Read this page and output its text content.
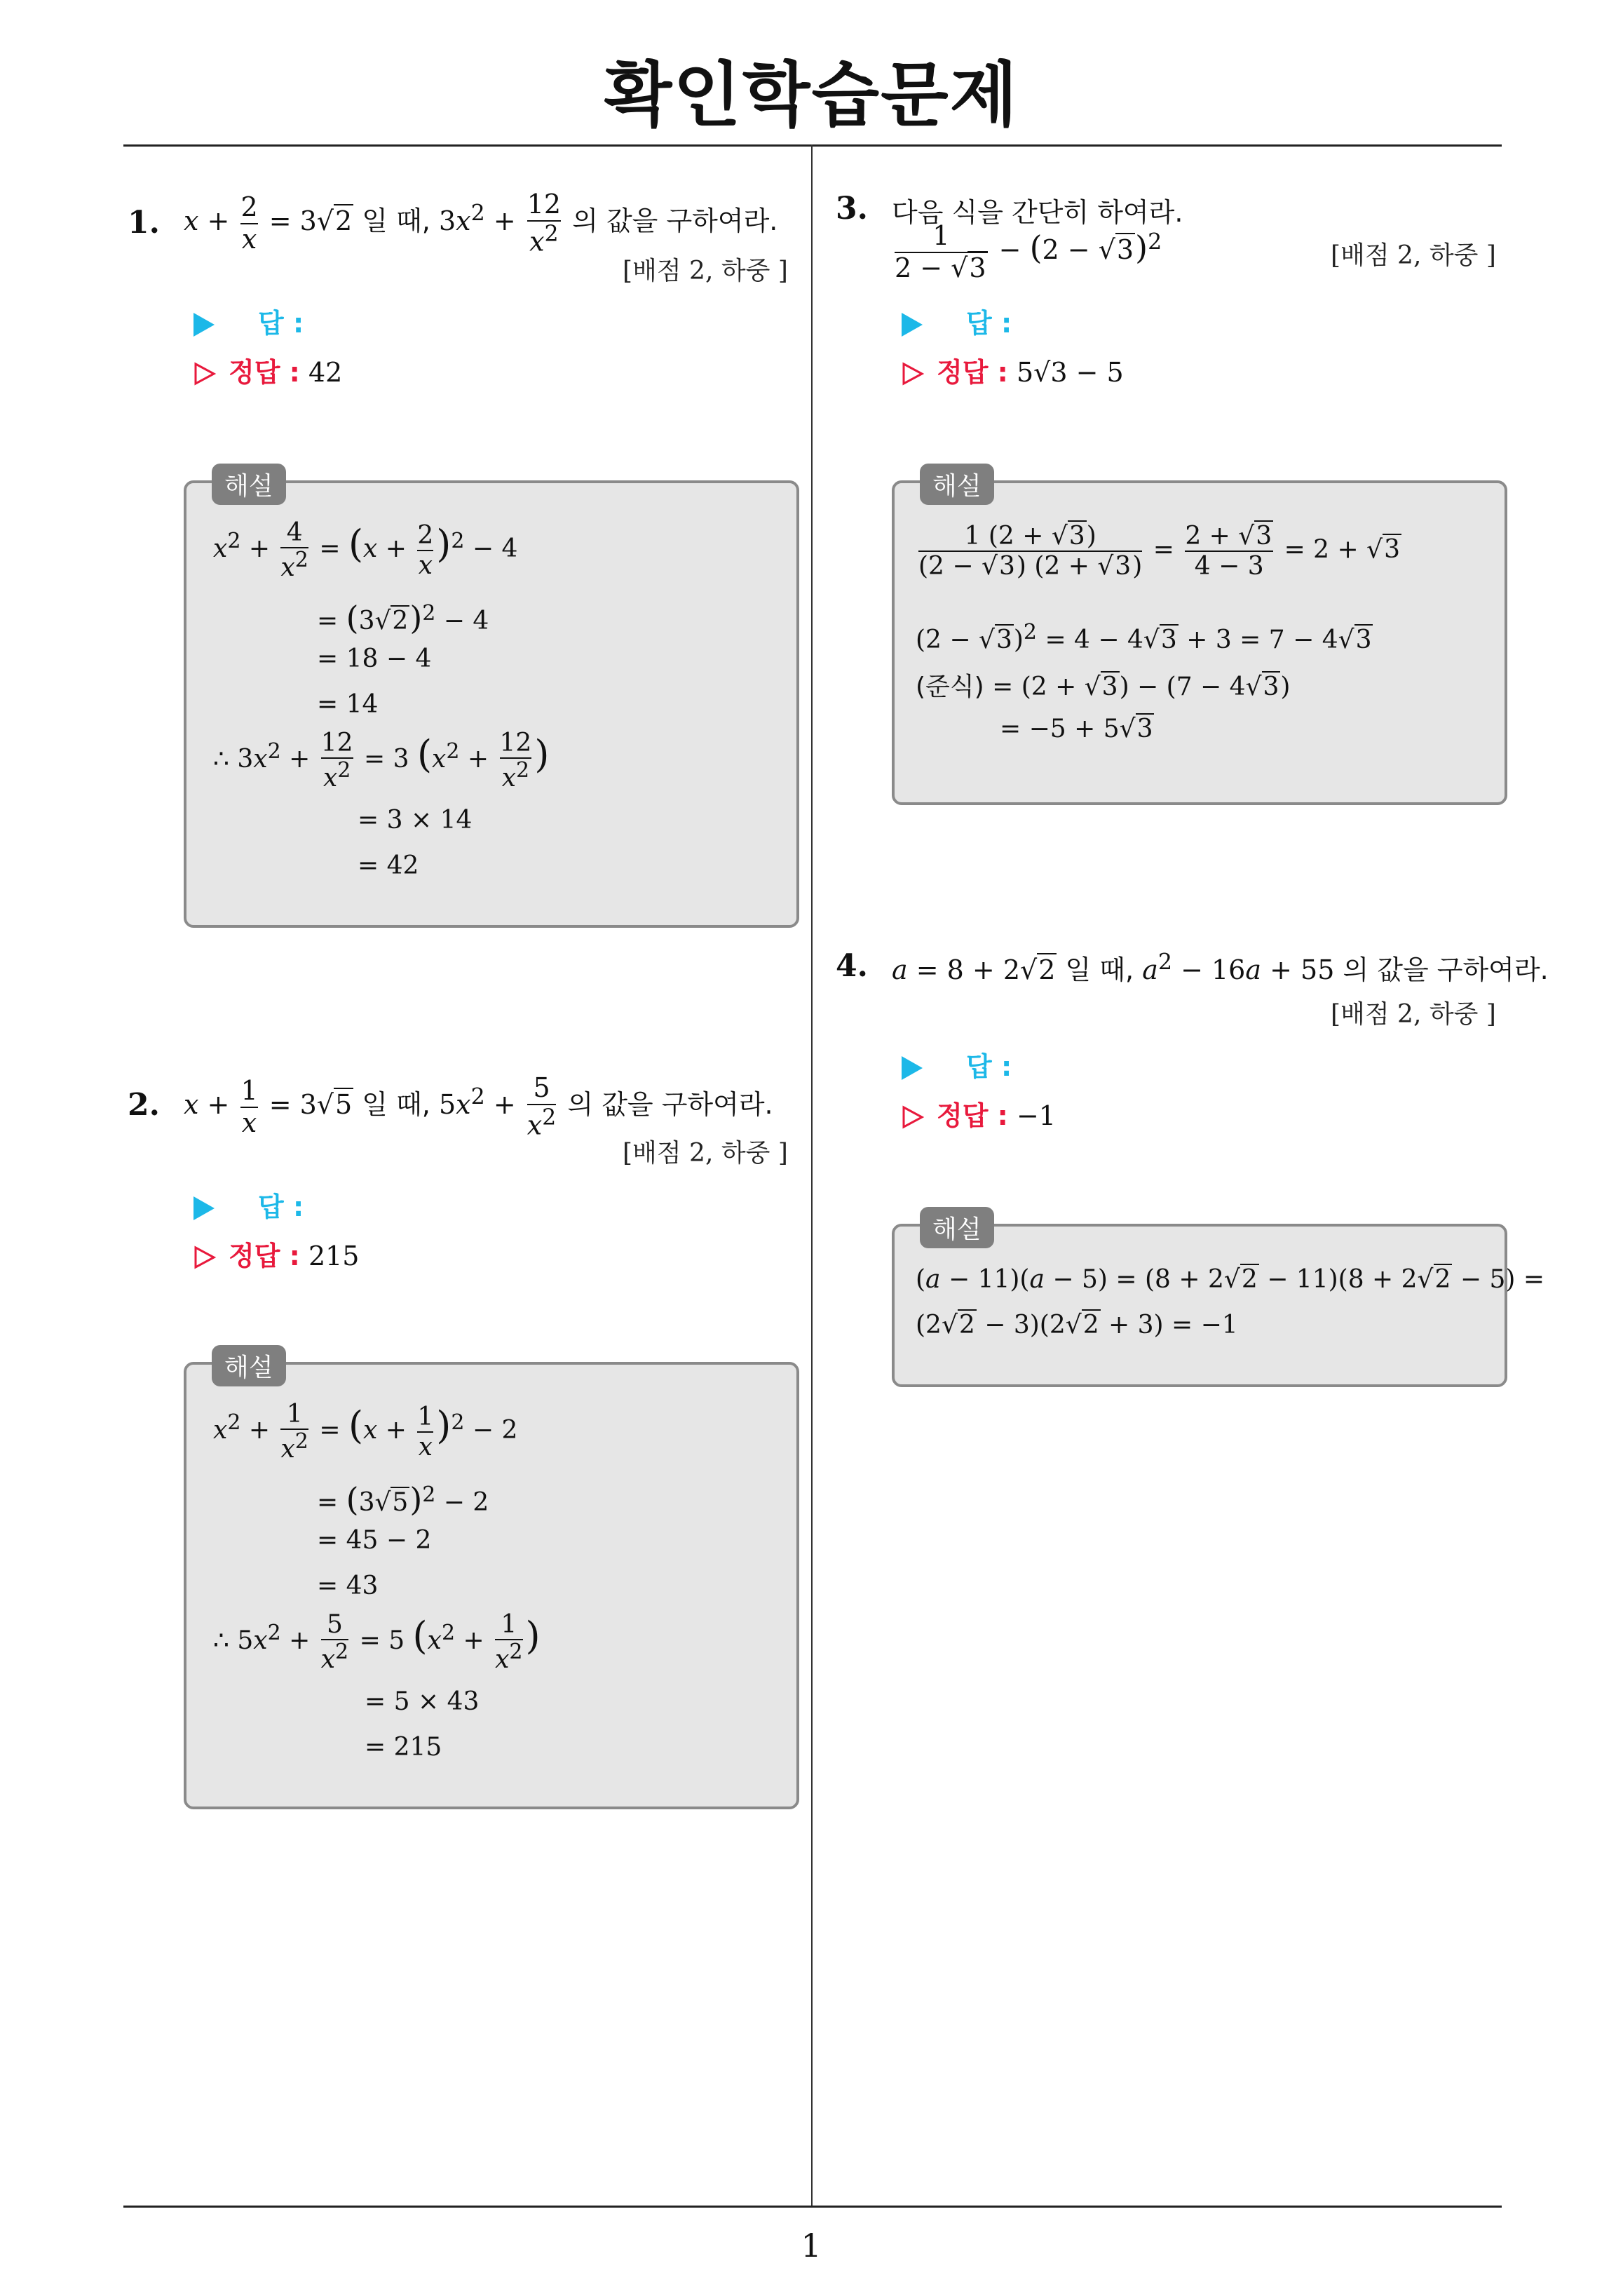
확인학습문제
1. $x + \frac{2}{x} = 3√2$ 일 때, $3x^2 + \frac{12}{x^2}$ 의 값을 구하여라.
[배점 2, 하중 ]
답 :
정답 : 42
해설
$x^2 + \frac{4}{x^2} = (x + \frac{2}{x} )^2 - 4$
= $(3√2)^2 - 4$
= 18 − 4
= 14
∴ $3x^2 + \frac{12}{x^2} = 3$ ($x^2 + \frac{12}{x^2}$ )
= 3 × 14
= 42
2. $x + \frac{1}{x} = 3√5$ 일 때, $5x^2 + \frac{5}{x^2}$ 의 값을 구하여라.
[배점 2, 하중 ]
답 :
정답 : 215
해설
$x^2 + \frac{1}{x^2} = (x + \frac{1}{x} )^2 - 2$
= $(3√5)^2 - 2$
= 45 − 2
= 43
∴ $5x^2 + \frac{5}{x^2} = 5$ ($x^2 + \frac{1}{x^2}$ )
= 5 × 43
= 215
3. 다음 식을 간단히 하여라.
$\frac{1}{2 - √3} - (2 - √3)^2$	[배점 2, 하중 ]
답 :
정답 : 5√3 − 5
해설
$\frac{1 (2 + √3)}{(2 - √3) (2 + √3)} = \frac{2 + √3}{4 - 3} = 2 + √3$
$(2 - √3)^2 = 4 - 4√3 + 3 = 7 - 4√3$
(준식) = (2 + √3) − (7 − 4√3)
= −5 + 5√3
4. a = 8 + 2√2 일 때, $a^2 - 16a + 55$ 의 값을 구하여라.
[배점 2, 하중 ]
답 :
정답 : −1
해설
(a − 11)(a − 5) = (8 + 2√2 − 11)(8 + 2√2 − 5) =
(2√2 − 3)(2√2 + 3) = −1
1
